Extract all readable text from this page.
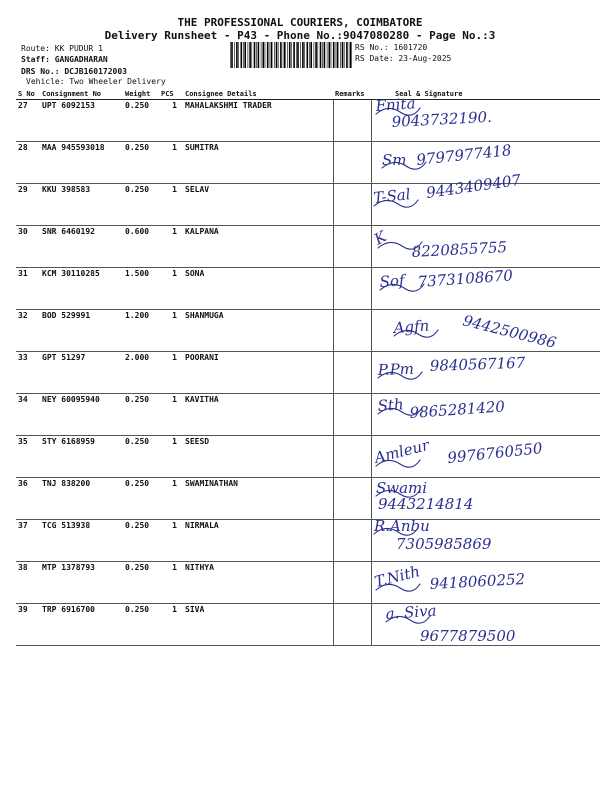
THE PROFESSIONAL COURIERS, COIMBATORE
Delivery Runsheet - P43 - Phone No.:9047080280 - Page No.:3
Route: KK PUDUR 1
Staff: GANGADHARAN
DRS No.: DCJB160172003
Vehicle: Two Wheeler Delivery
RS No.: 1601720
RS Date: 23-Aug-2025
S No	Consignment No	Weight	PCS	Consignee Details	Remarks	Seal & Signature
27	UPT 6092153	0.250	1	MAHALAKSHMI TRADER		Fnita
9043732190.

28	MAA 945593018	0.250	1	SUMITRA		Sm 9797977418

29	KKU 398583	0.250	1	SELAV		T-Sal 9443409407

30	SNR 6460192	0.600	1	KALPANA		K
8220855755

31	KCM 30110285	1.500	1	SONA		Sof 7373108670

32	BOD 529991	1.200	1	SHANMUGA		Agfn 9442500986

33	GPT 51297	2.000	1	POORANI		P.Pm 9840567167

34	NEY 60095940	0.250	1	KAVITHA		Sth 9865281420

35	STY 6168959	0.250	1	SEESD		Amleur 9976760550

36	TNJ 838200	0.250	1	SWAMINATHAN		Swami
9443214814

37	TCG 513938	0.250	1	NIRMALA		R.Anbu
7305985869

38	MTP 1378793	0.250	1	NITHYA		T.Nith 9418060252

39	TRP 6916700	0.250	1	SIVA		a. Siva
9677879500
